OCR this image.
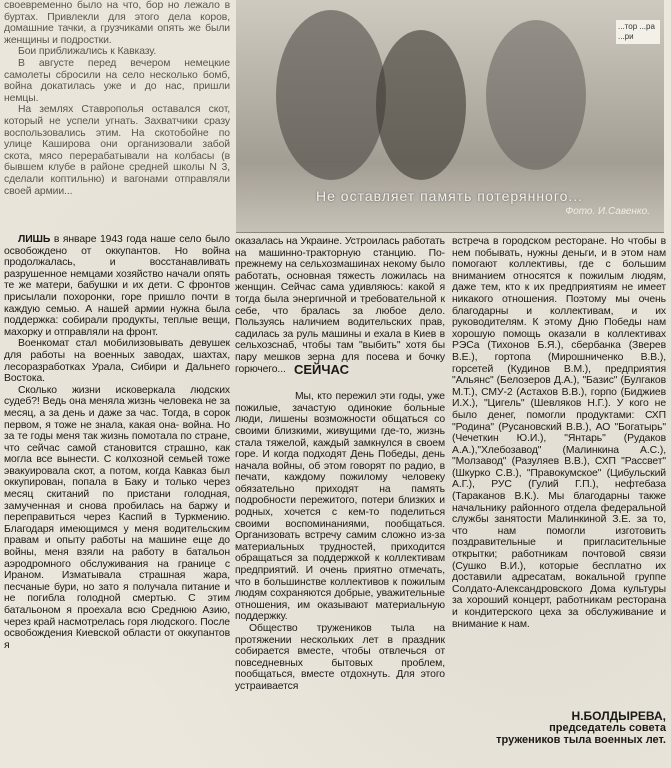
своевременно было на что, бор но лежало в буртах. Привлекли для этого дела коров, домашние тачки, а грузчиками опять же были женщины и подростки.

Бои приближались к Кавказу.

В августе перед вечером немецкие самолеты сбросили на село несколько бомб, война докатилась уже и до нас, пришли немцы.

На землях Ставрополья оставался скот, который не успели угнать. Захватчики сразу воспользовались этим. На скотобойне по улице Каширова они организовали забой скота, мясо перерабатывали на колбасы (в бывшем клубе в районе средней школы N 3, сделали коптильню) и вагонами отправляли своей армии...

...тор ...ра ...ри
Не оставляет память потерянного...
Фото. И.Савенко.

ЛИШЬ в январе 1943 года наше село было освобождено от оккупантов. Но война продолжалась, и восстанавливать разрушенное немцами хозяйство начали опять те же матери, бабушки и их дети. С фронтов присылали похоронки, горе пришло почти в каждую семью. А нашей армии нужна была поддержка: собирали продукты, теплые вещи, махорку и отправляли на фронт.

Военкомат стал мобилизовывать девушек для работы на военных заводах, шахтах, лесоразработках Урала, Сибири и Дальнего Востока.

Сколько жизни исковеркала людских судеб?! Ведь она меняла жизнь человека не за месяц, а за день и даже за час. Тогда, в сорок первом, я тоже не знала, какая она- война. Но за те годы меня так жизнь помотала по стране, что сейчас самой становится страшно, как могла все вынести. С колхозной семьей тоже эвакуировала скот, а потом, когда Кавказ был оккупирован, попала в Баку и только через месяц скитаний по пристани голодная, замученная и снова пробилась на баржу и переправиться через Каспий в Туркмению. Благодаря имеющимся у меня водительским правам и опыту работы на машине еще до войны, меня взяли на работу в батальон аэродромного обслуживания на границе с Ираном. Изматывала страшная жара, песчаные бури, но зато я получала питание и не погибла голодной смертью. С этим батальоном я проехала всю Среднюю Азию, через край насмотрелась горя людского. После освобождения Киевской области от оккупантов я

оказалась на Украине. Устроилась работать на машинно-тракторную станцию. По-прежнему на сельхозмашинах некому было работать, основная тяжесть ложилась на женщин. Сейчас сама удивляюсь: какой я тогда была энергичной и требовательной к себе, что бралась за любое дело. Пользуясь наличием водительских прав, садилась за руль машины и ехала в Киев в сельхозснаб, чтобы там "выбить" хотя бы пару мешков зерна для посева и бочку горючего...

Мы, кто пережил эти годы, уже пожилые, зачастую одинокие больные люди, лишены возможности общаться со своими близкими, живущими где-то, жизнь стала тяжелой, каждый замкнулся в своем горе. И когда подходят День Победы, день начала войны, об этом говорят по радио, в печати, каждому пожилому человеку обязательно приходят на память подробности пережитого, потери близких и родных, хочется с кем-то поделиться своими воспоминаниями, пообщаться. Организовать встречу самим сложно из-за материальных трудностей, приходится обращаться за поддержкой к коллективам предприятий. И очень приятно отмечать, что в большинстве коллективов к пожилым людям сохраняются добрые, уважительные отношения, им оказывают материальную поддержку.

Общество тружеников тыла на протяжении нескольких лет в праздник собирается вместе, чтобы отвлечься от повседневных бытовых проблем, пообщаться, вместе отдохнуть. Для этого устраивается

СЕЙЧАС

встреча в городском ресторане. Но чтобы в нем побывать, нужны деньги, и в этом нам помогают коллективы, где с большим вниманием относятся к пожилым людям, даже тем, кто к их предприятиям не имеет никакого отношения. Поэтому мы очень благодарны и коллективам, и их руководителям. К этому Дню Победы нам хорошую помощь оказали в коллективах РЭСа (Тихонов Б.Я.), сбербанка (Зверев В.Е.), гортопа (Мирошниченко В.В.), горсетей (Кудинов В.М.), предприятия "Альянс" (Белозеров Д.А.), "Базис" (Булгаков М.Т.), СМУ-2 (Астахов В.В.), горпо (Биджиев И.Х.), "Цигель" (Шевляков Н.Г.). У кого не было денег, помогли продуктами: СХП "Родина" (Русановский В.В.), АО "Богатырь" (Чечеткин Ю.И.), "Янтарь" (Рудаков А.А.),"Хлебозавод" (Малинкина А.С.), "Молзавод" (Разуляев В.В.), СХП "Рассвет" (Шкурко С.В.), "Правокумское" (Цибульский А.Г.), РУС (Гулий Г.П.), нефтебаза (Тараканов В.К.). Мы благодарны также начальнику районного отдела федеральной службы занятости Малинкиной З.Е. за то, что нам помогли изготовить поздравительные и пригласительные открытки; работникам почтовой связи (Сушко В.И.), которые бесплатно их доставили адресатам, вокальной группе Солдато-Александровского Дома культуры за хороший концерт, работникам ресторана и кондитерского цеха за обслуживание и внимание к нам.

Н.БОЛДЫРЕВА,
председатель совета тружеников тыла военных лет.
